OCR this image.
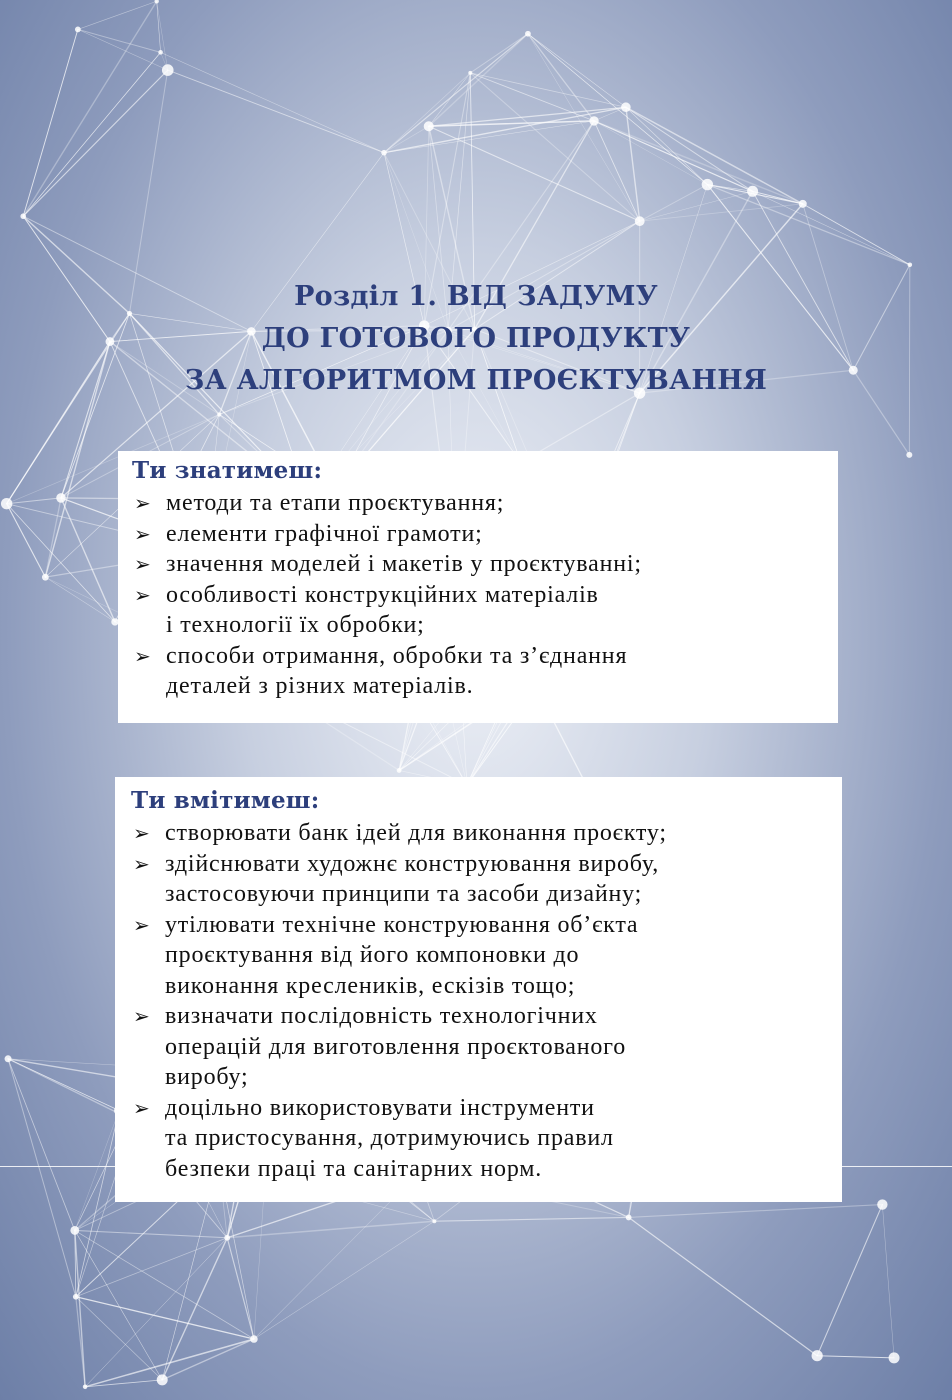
Розділ 1. ВІД ЗАДУМУ
ДО ГОТОВОГО ПРОДУКТУ
ЗА АЛГОРИТМОМ ПРОЄКТУВАННЯ
Ти знатимеш:
➢ методи та етапи проєктування;
➢ елементи графічної грамоти;
➢ значення моделей і макетів у проєктуванні;
➢ особливості конструкційних матеріалів
і технології їх обробки;
➢ способи отримання, обробки та з’єднання
деталей з різних матеріалів.
Ти вмітимеш:
➢ створювати банк ідей для виконання проєкту;
➢ здійснювати художнє конструювання виробу,
застосовуючи принципи та засоби дизайну;
➢ утілювати технічне конструювання об’єкта
проєктування від його компоновки до
виконання креслеників, ескізів тощо;
➢ визначати послідовність технологічних
операцій для виготовлення проєктованого
виробу;
➢ доцільно використовувати інструменти
та пристосування, дотримуючись правил
безпеки праці та санітарних норм.
